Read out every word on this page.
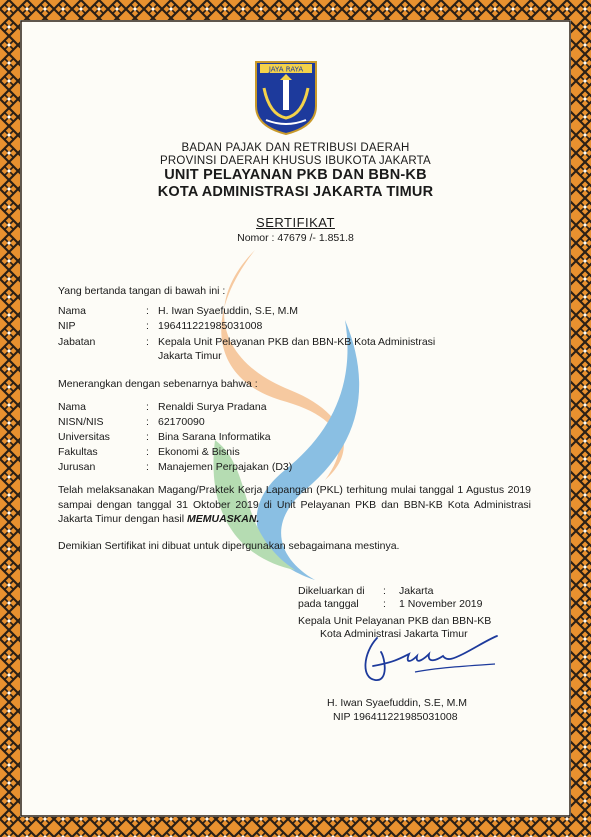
JAYA RAYA
BADAN PAJAK DAN RETRIBUSI DAERAH
PROVINSI DAERAH KHUSUS IBUKOTA JAKARTA
UNIT PELAYANAN PKB DAN BBN-KB
KOTA ADMINISTRASI JAKARTA TIMUR
SERTIFIKAT
Nomor : 47679 /- 1.851.8
Yang bertanda tangan di bawah ini :
Nama	: H. Iwan Syaefuddin, S.E, M.M
NIP	: 196411221985031008
Jabatan	: Kepala Unit Pelayanan PKB dan BBN-KB Kota Administrasi
Jakarta Timur
Menerangkan dengan sebenarnya bahwa :
Nama	: Renaldi Surya Pradana
NISN/NIS	: 62170090
Universitas	: Bina Sarana Informatika
Fakultas	: Ekonomi & Bisnis
Jurusan	: Manajemen Perpajakan (D3)
Telah melaksanakan Magang/Praktek Kerja Lapangan (PKL) terhitung mulai tanggal 1 Agustus 2019 sampai dengan tanggal 31 Oktober 2019 di Unit Pelayanan PKB dan BBN-KB Kota Administrasi Jakarta Timur dengan hasil MEMUASKAN.
Demikian Sertifikat ini dibuat untuk dipergunakan sebagaimana mestinya.
Dikeluarkan di : Jakarta
pada tanggal : 1 November 2019
Kepala Unit Pelayanan PKB dan BBN-KB
Kota Administrasi Jakarta Timur
H. Iwan Syaefuddin, S.E, M.M
NIP 196411221985031008
